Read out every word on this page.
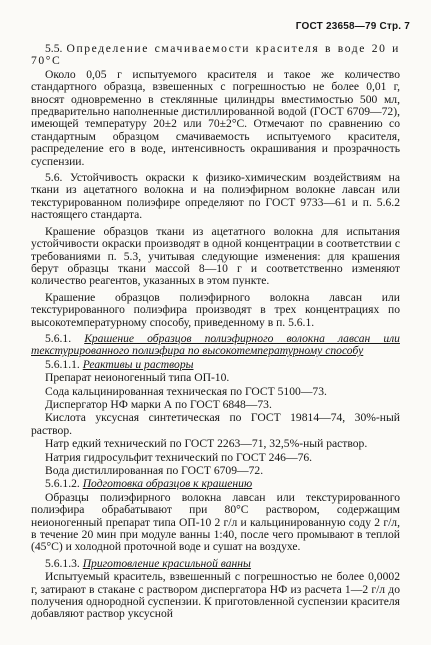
ГОСТ 23658—79 Стр. 7

5.5. Определение смачиваемости красителя в воде 20 и 70°С

Около 0,05 г испытуемого красителя и такое же количество стандартного образца, взвешенных с погрешностью не более 0,01 г, вносят одновременно в стеклянные цилиндры вместимостью 500 мл, предварительно наполненные дистиллированной водой (ГОСТ 6709—72), имеющей температуру 20±2 или 70±2°С. Отмечают по сравнению со стандартным образцом смачиваемость испытуемого красителя, распределение его в воде, интенсивность окрашивания и прозрачность суспензии.

5.6. Устойчивость окраски к физико-химическим воздействиям на ткани из ацетатного волокна и на полиэфирном волокне лавсан или текстурированном полиэфире определяют по ГОСТ 9733—61 и п. 5.6.2 настоящего стандарта.

Крашение образцов ткани из ацетатного волокна для испытания устойчивости окраски производят в одной концентрации в соответствии с требованиями п. 5.3, учитывая следующие изменения: для крашения берут образцы ткани массой 8—10 г и соответственно изменяют количество реагентов, указанных в этом пункте.

Крашение образцов полиэфирного волокна лавсан или текстурированного полиэфира производят в трех концентрациях по высокотемпературному способу, приведенному в п. 5.6.1.

5.6.1. Крашение образцов полиэфирного волокна лавсан или текстурированного полиэфира по высокотемпературному способу

5.6.1.1. Реактивы и растворы

Препарат неионогенный типа ОП-10.

Сода кальцинированная техническая по ГОСТ 5100—73.

Диспергатор НФ марки А по ГОСТ 6848—73.

Кислота уксусная синтетическая по ГОСТ 19814—74, 30%-ный раствор.

Натр едкий технический по ГОСТ 2263—71, 32,5%-ный раствор.

Натрия гидросульфит технический по ГОСТ 246—76.

Вода дистиллированная по ГОСТ 6709—72.

5.6.1.2. Подготовка образцов к крашению

Образцы полиэфирного волокна лавсан или текстурированного полиэфира обрабатывают при 80°С раствором, содержащим неионогенный препарат типа ОП-10 2 г/л и кальцинированную соду 2 г/л, в течение 20 мин при модуле ванны 1:40, после чего промывают в теплой (45°С) и холодной проточной воде и сушат на воздухе.

5.6.1.3. Приготовление красильной ванны

Испытуемый краситель, взвешенный с погрешностью не более 0,0002 г, затирают в стакане с раствором диспергатора НФ из расчета 1—2 г/л до получения однородной суспензии. К приготовленной суспензии красителя добавляют раствор уксусной
